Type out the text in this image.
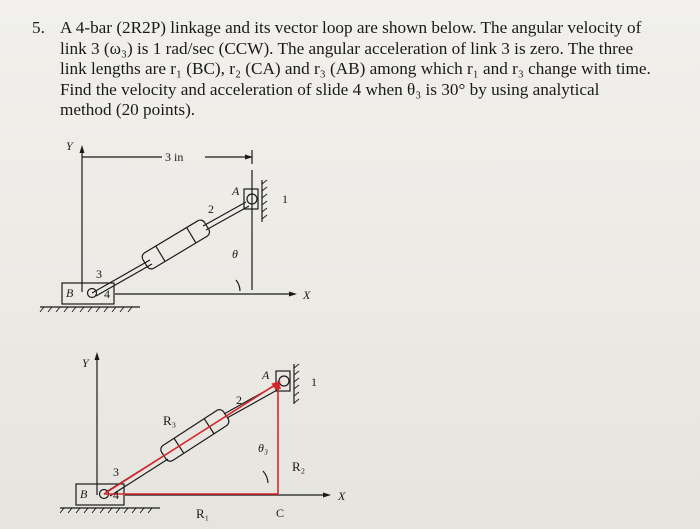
5. A 4-bar (2R2P) linkage and its vector loop are shown below. The angular velocity of
link 3 (ω₃) is 1 rad/sec (CCW). The angular acceleration of link 3 is zero. The three
link lengths are r₁ (BC), r₂ (CA) and r₃ (AB) among which r₁ and r₃ change with time.
Find the velocity and acceleration of slide 4 when θ₃ is 30° by using analytical
method (20 points).
Y
X
A
B
θ
3 in
1
2
3
4
Y
X
A
B
θ₃
1
2
3
4
C
R₁
R₂
R₃
